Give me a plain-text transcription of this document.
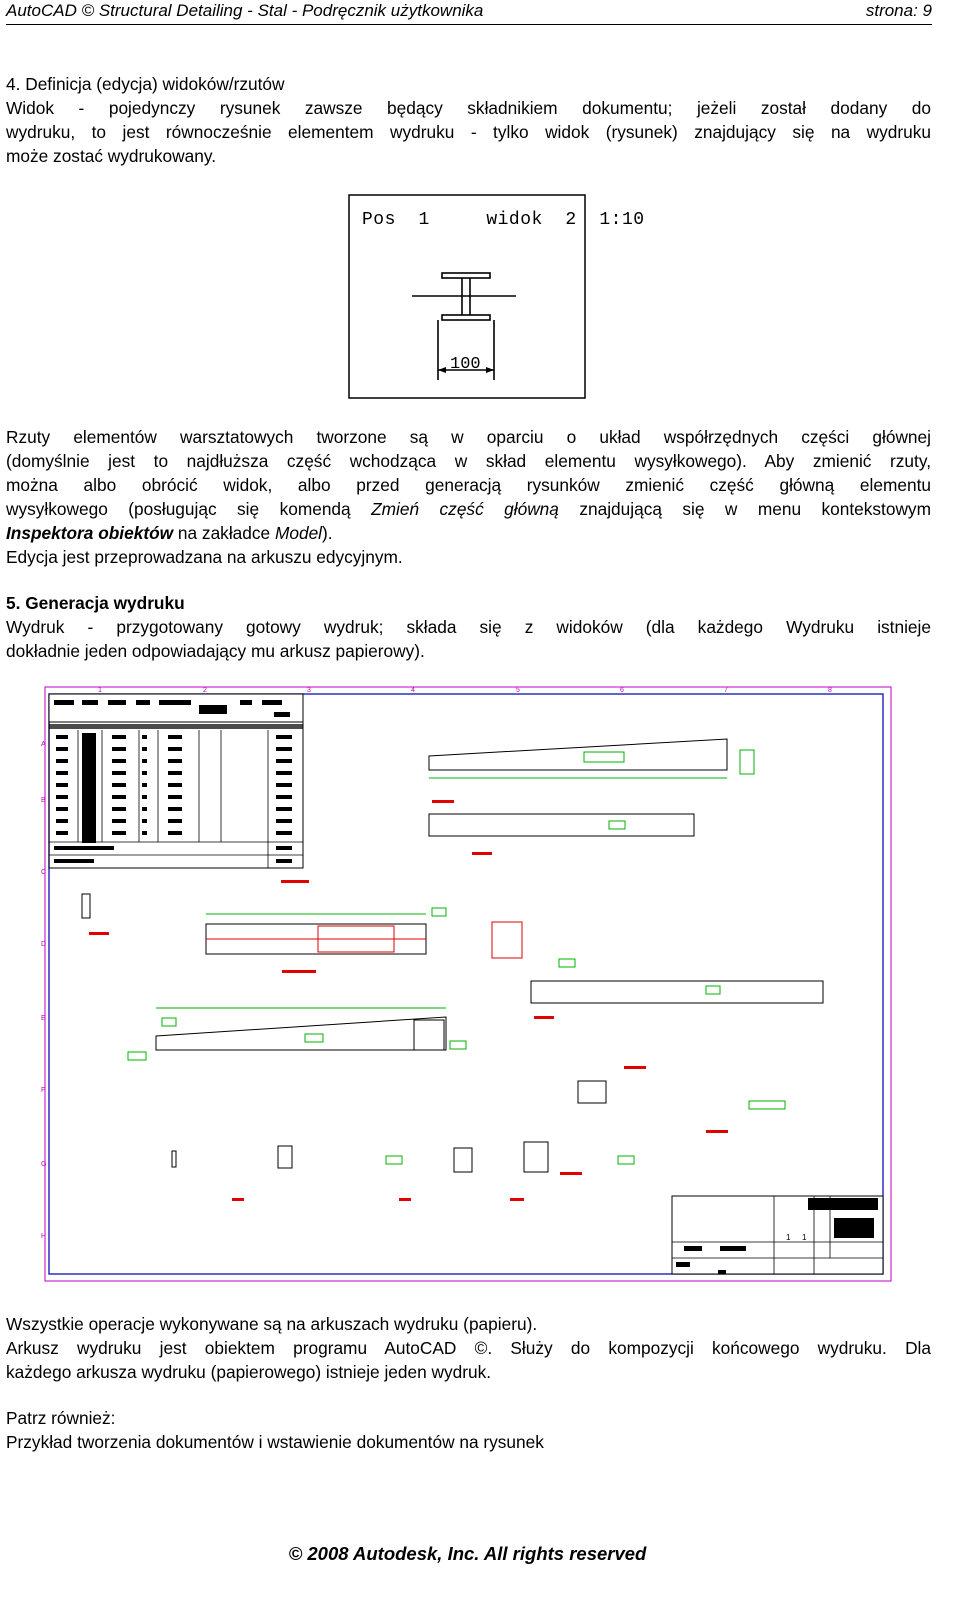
AutoCAD © Structural Detailing - Stal - Podręcznik użytkownika	strona: 9
4. Definicja (edycja) widoków/rzutów
Widok - pojedynczy rysunek zawsze będący składnikiem dokumentu; jeżeli został dodany do
wydruku, to jest równocześnie elementem wydruku - tylko widok (rysunek) znajdujący się na wydruku
może zostać wydrukowany.
Pos  1     widok  2  1:10
100
Rzuty elementów warsztatowych tworzone są w oparciu o układ współrzędnych części głównej
(domyślnie jest to najdłuższa część wchodząca w skład elementu wysyłkowego). Aby zmienić rzuty,
można albo obrócić widok, albo przed generacją rysunków zmienić część główną elementu
wysyłkowego (posługując się komendą Zmień część główną znajdującą się w menu kontekstowym
Inspektora obiektów na zakładce Model).
Edycja jest przeprowadzana na arkuszu edycyjnym.
5. Generacja wydruku
Wydruk - przygotowany gotowy wydruk; składa się z widoków (dla każdego Wydruku istnieje
dokładnie jeden odpowiadający mu arkusz papierowy).
1	2	3	4	5	6	7	8
A
B
C
D
E
F
G
H	1 1
Wszystkie operacje wykonywane są na arkuszach wydruku (papieru).
Arkusz wydruku jest obiektem programu AutoCAD ©. Służy do kompozycji końcowego wydruku. Dla
każdego arkusza wydruku (papierowego) istnieje jeden wydruk.
Patrz również:
Przykład tworzenia dokumentów i wstawienie dokumentów na rysunek
© 2008 Autodesk, Inc. All rights reserved
